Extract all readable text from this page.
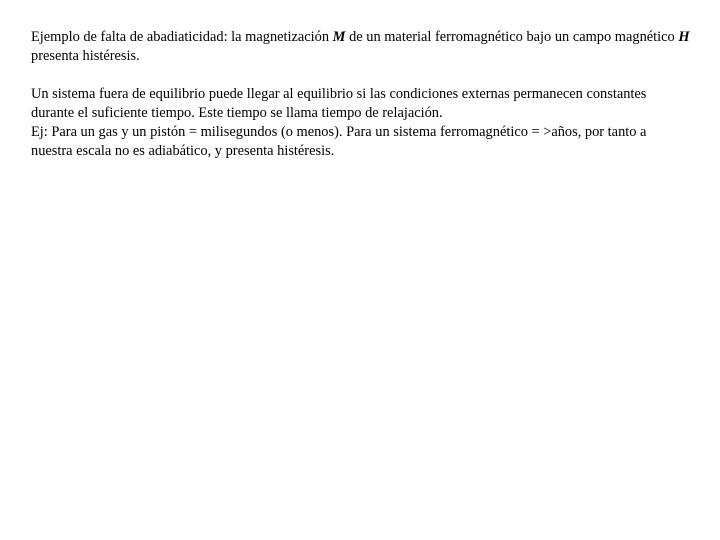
Ejemplo de falta de abadiaticidad: la magnetización M de un material ferromagnético bajo un campo magnético H presenta histéresis.

Un sistema fuera de equilibrio puede llegar al equilibrio si las condiciones externas permanecen constantes durante el suficiente tiempo. Este tiempo se llama tiempo de relajación.

Ej: Para un gas y un pistón = milisegundos (o menos). Para un sistema ferromagnético = >años, por tanto a nuestra escala no es adiabático, y presenta histéresis.
